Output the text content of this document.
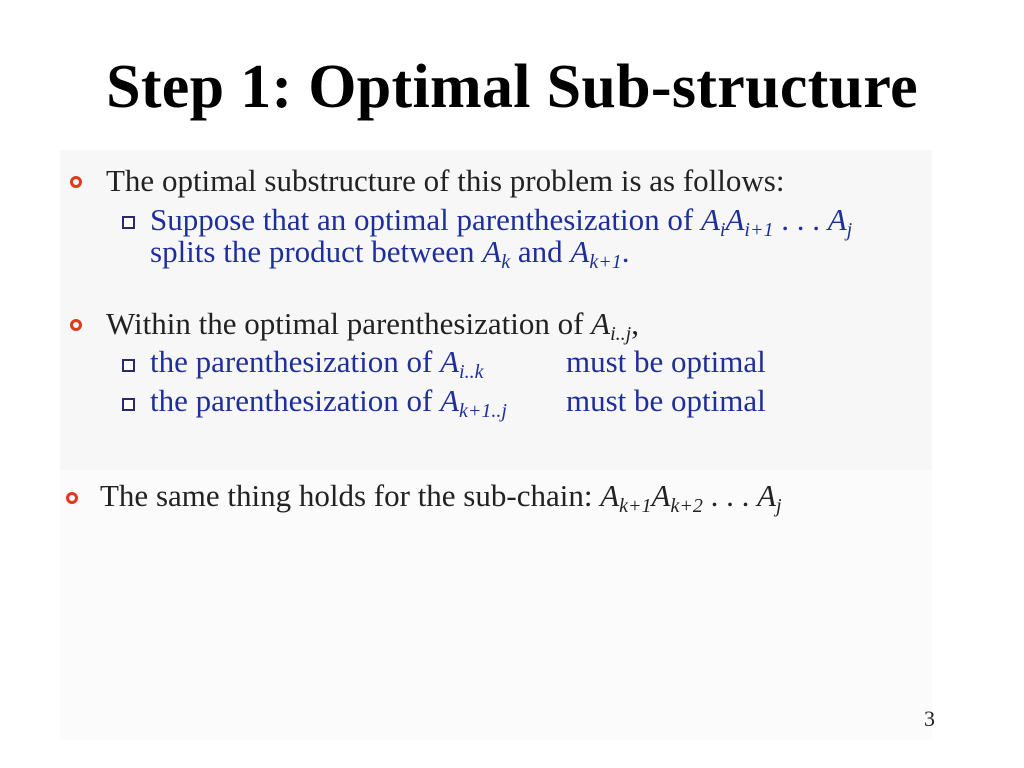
Step 1: Optimal Sub-structure
The optimal substructure of this problem is as follows:
Suppose that an optimal parenthesization of $A_iA_{i+1}$ . . . $A_j$
splits the product between $A_k$ and $A_{k+1}$.
Within the optimal parenthesization of $A_{i..j}$,
the parenthesization of $A_{i..k}$	must be optimal
the parenthesization of $A_{k+1..j}$ must be optimal
The same thing holds for the sub-chain: $A_{k+1}A_{k+2}$ . . . $A_j$
3
